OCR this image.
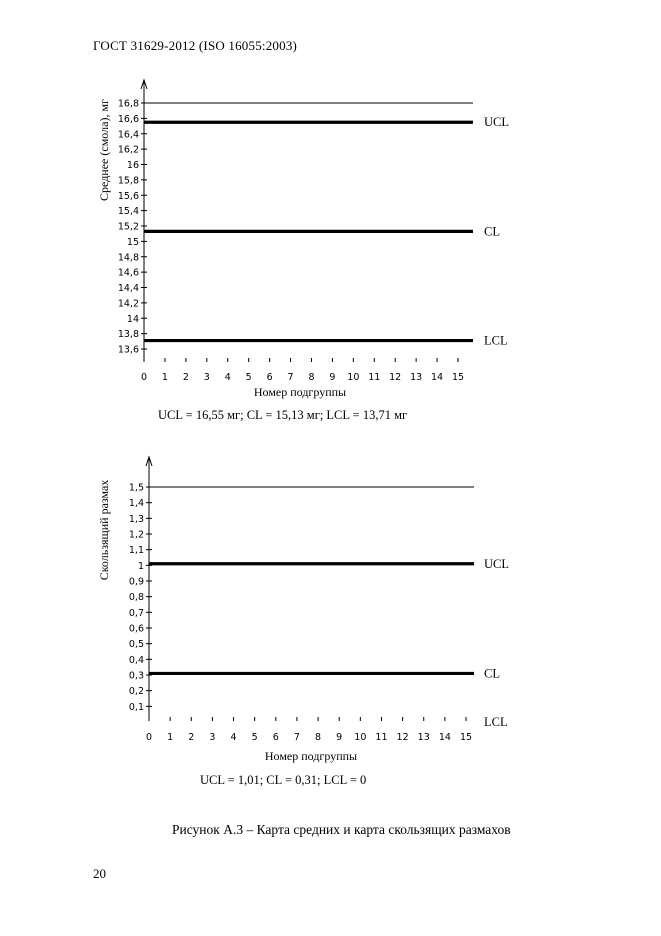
ГОСТ 31629-2012 (ISO 16055:2003)
13,6
13,8
14
14,2
14,4
14,6
14,8
15
15,2
15,4
15,6
15,8
16
16,2
16,4
16,6
16,8
0 1 2 3 4 5 6 7 8 9 10 11 12 13 14 15
UCL
CL
LCL
Номер подгруппы
Среднее (смола), мг
UCL = 16,55 мг; CL = 15,13 мг; LCL = 13,71 мг
0,1
0,2
0,3
0,4
0,5
0,6
0,7
0,8
0,9
1
1,1
1,2
1,3
1,4
1,5
0 1 2 3 4 5 6 7 8 9 10 11 12 13 14 15
UCL
CL
LCL
Номер подгруппы
Скользящий размах
UCL = 1,01; CL = 0,31; LCL = 0
Рисунок А.3 – Карта средних и карта скользящих размахов
20
